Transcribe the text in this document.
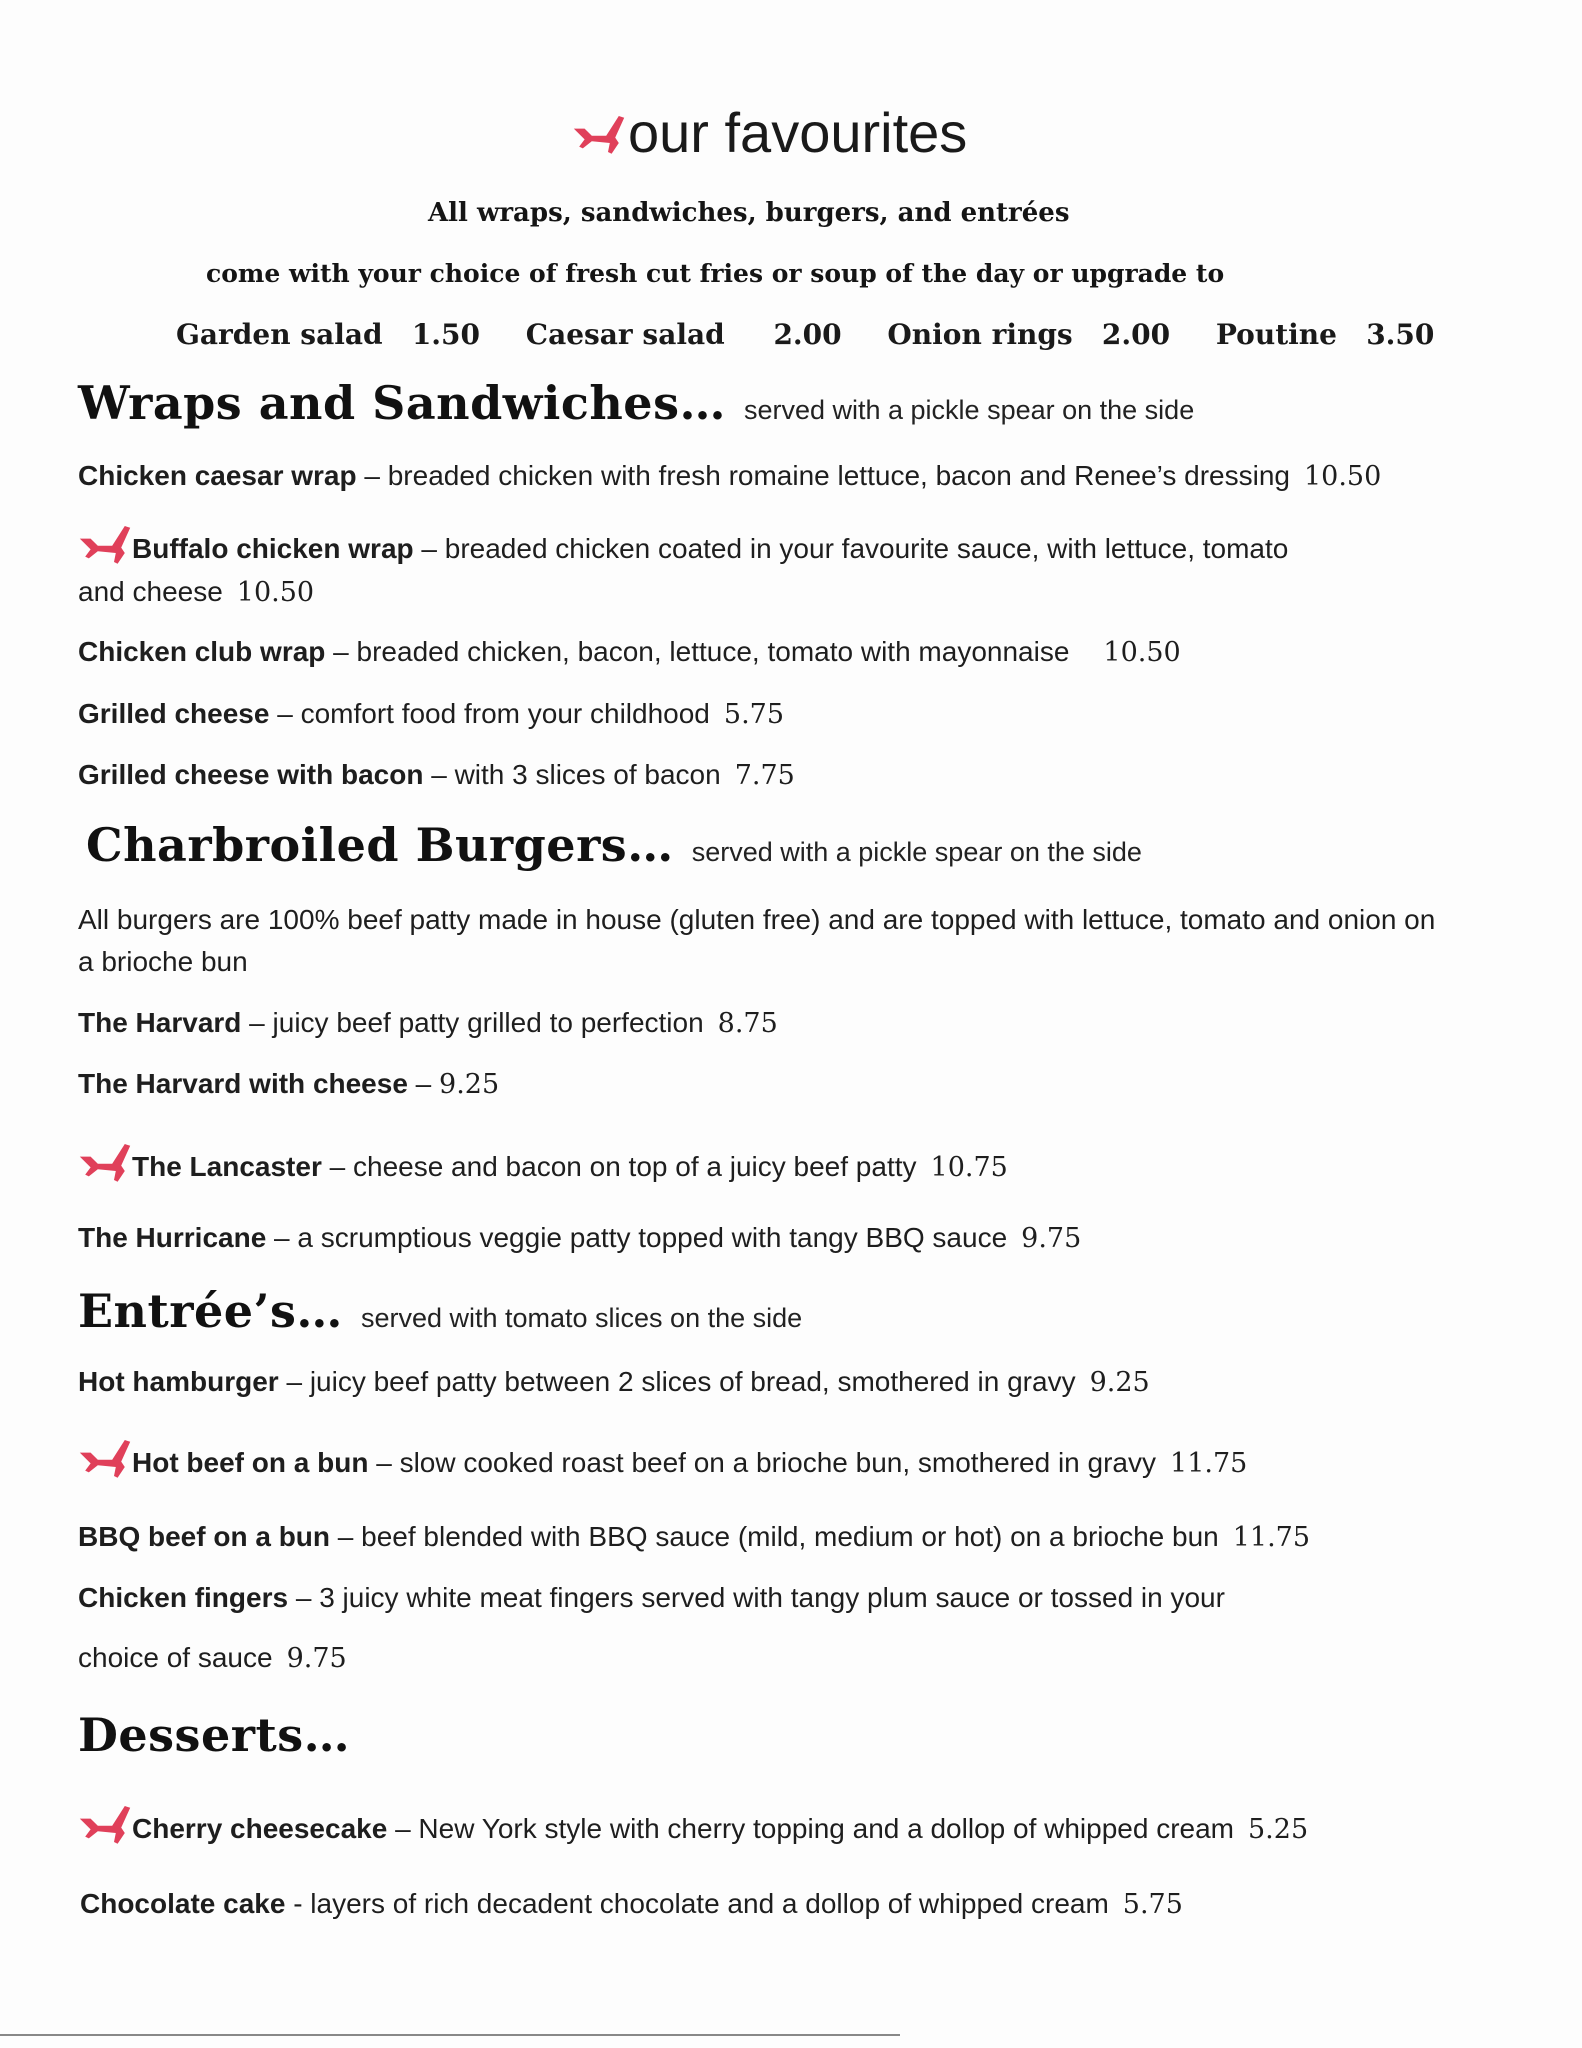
our favourites
All wraps, sandwiches, burgers, and entrées
come with your choice of fresh cut fries or soup of the day or upgrade to
Garden salad 1.50 Caesar salad 2.00 Onion rings 2.00 Poutine 3.50
Wraps and Sandwiches… served with a pickle spear on the side
Chicken caesar wrap – breaded chicken with fresh romaine lettuce, bacon and Renee’s dressing 10.50
Buffalo chicken wrap – breaded chicken coated in your favourite sauce, with lettuce, tomato
and cheese 10.50
Chicken club wrap – breaded chicken, bacon, lettuce, tomato with mayonnaise 10.50
Grilled cheese – comfort food from your childhood 5.75
Grilled cheese with bacon – with 3 slices of bacon 7.75
Charbroiled Burgers… served with a pickle spear on the side
All burgers are 100% beef patty made in house (gluten free) and are topped with lettuce, tomato and onion on
a brioche bun
The Harvard – juicy beef patty grilled to perfection 8.75
The Harvard with cheese – 9.25
The Lancaster – cheese and bacon on top of a juicy beef patty 10.75
The Hurricane – a scrumptious veggie patty topped with tangy BBQ sauce 9.75
Entrée’s… served with tomato slices on the side
Hot hamburger – juicy beef patty between 2 slices of bread, smothered in gravy 9.25
Hot beef on a bun – slow cooked roast beef on a brioche bun, smothered in gravy 11.75
BBQ beef on a bun – beef blended with BBQ sauce (mild, medium or hot) on a brioche bun 11.75
Chicken fingers – 3 juicy white meat fingers served with tangy plum sauce or tossed in your
choice of sauce 9.75
Desserts…
Cherry cheesecake – New York style with cherry topping and a dollop of whipped cream 5.25
Chocolate cake - layers of rich decadent chocolate and a dollop of whipped cream 5.75
